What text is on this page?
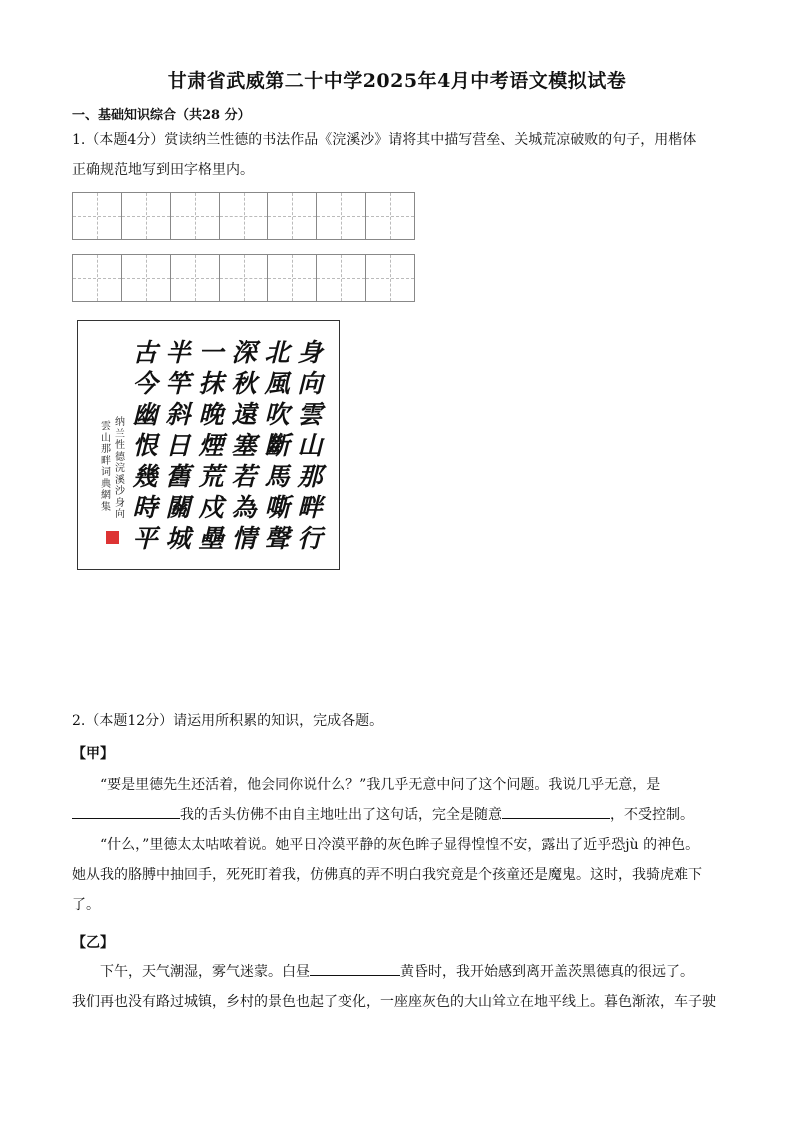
甘肃省武威第二十中学2025年4月中考语文模拟试卷
一、基础知识综合（共28 分）
1.（本题4分）赏读纳兰性德的书法作品《浣溪沙》请将其中描写营垒、关城荒凉破败的句子，用楷体
正确规范地写到田字格里内。
身向雲山那畔行
北風吹斷馬嘶聲
深秋遠塞若為情
一抹晚煙荒戍壘
半竿斜日舊關城
古今幽恨幾時平
纳兰性德浣溪沙身向
雲山那畔词典網集
2.（本题12分）请运用所积累的知识，完成各题。
【甲】
“要是里德先生还活着，他会同你说什么？”我几乎无意中问了这个问题。我说几乎无意，是
我的舌头仿佛不由自主地吐出了这句话，完全是随意	，不受控制。
“什么，”里德太太咕哝着说。她平日冷漠平静的灰色眸子显得惶惶不安，露出了近乎恐jù 的神色。
她从我的胳膊中抽回手，死死盯着我，仿佛真的弄不明白我究竟是个孩童还是魔鬼。这时，我骑虎难下
了。
【乙】
下午，天气潮湿，雾气迷蒙。白昼	黄昏时，我开始感到离开盖茨黑德真的很远了。
我们再也没有路过城镇，乡村的景色也起了变化，一座座灰色的大山耸立在地平线上。暮色渐浓，车子驶
